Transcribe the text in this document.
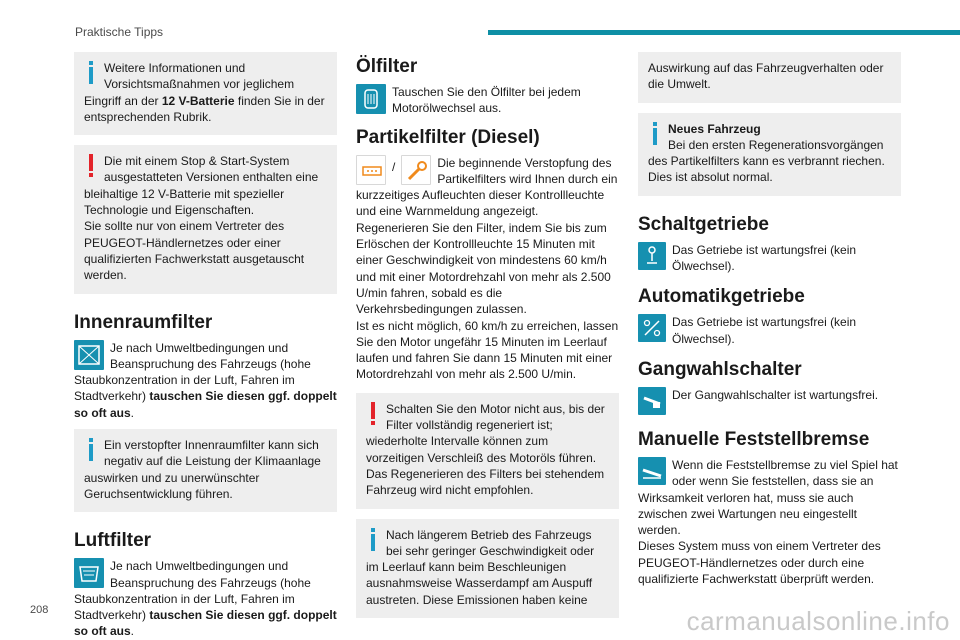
Praktische Tipps

Weitere Informationen und Vorsichtsmaßnahmen vor jeglichem Eingriff an der 12 V-Batterie finden Sie in der entsprechenden Rubrik.

Die mit einem Stop & Start-System ausgestatteten Versionen enthalten eine bleihaltige 12 V-Batterie mit spezieller Technologie und Eigenschaften.

Sie sollte nur von einem Vertreter des PEUGEOT-Händlernetzes oder einer qualifizierten Fachwerkstatt ausgetauscht werden.

Innenraumfilter
Je nach Umweltbedingungen und Beanspruchung des Fahrzeugs (hohe Staubkonzentration in der Luft, Fahren im Stadtverkehr) tauschen Sie diesen ggf. doppelt so oft aus.

Ein verstopfter Innenraumfilter kann sich negativ auf die Leistung der Klimaanlage auswirken und zu unerwünschter Geruchsentwicklung führen.

Luftfilter
Je nach Umweltbedingungen und Beanspruchung des Fahrzeugs (hohe Staubkonzentration in der Luft, Fahren im Stadtverkehr) tauschen Sie diesen ggf. doppelt so oft aus.
Ölfilter
Tauschen Sie den Ölfilter bei jedem Motorölwechsel aus.
Partikelfilter (Diesel)
/	Die beginnende Verstopfung des Partikelfilters wird Ihnen durch ein kurzzeitiges Aufleuchten dieser Kontrollleuchte und eine Warnmeldung angezeigt.
Regenerieren Sie den Filter, indem Sie bis zum Erlöschen der Kontrollleuchte 15 Minuten mit einer Geschwindigkeit von mindestens 60 km/h und mit einer Motordrehzahl von mehr als 2.500 U/min fahren, sobald es die Verkehrsbedingungen zulassen.
Ist es nicht möglich, 60 km/h zu erreichen, lassen Sie den Motor ungefähr 15 Minuten im Leerlauf laufen und fahren Sie dann 15 Minuten mit einer Motordrehzahl von mehr als 2.500 U/min.

Schalten Sie den Motor nicht aus, bis der Filter vollständig regeneriert ist; wiederholte Intervalle können zum vorzeitigen Verschleiß des Motoröls führen.

Das Regenerieren des Filters bei stehendem Fahrzeug wird nicht empfohlen.

Nach längerem Betrieb des Fahrzeugs bei sehr geringer Geschwindigkeit oder im Leerlauf kann beim Beschleunigen ausnahmsweise Wasserdampf am Auspuff austreten. Diese Emissionen haben keine

Auswirkung auf das Fahrzeugverhalten oder die Umwelt.

Neues Fahrzeug

Bei den ersten Regenerationsvorgängen des Partikelfilters kann es verbrannt riechen. Dies ist absolut normal.

Schaltgetriebe
Das Getriebe ist wartungsfrei (kein Ölwechsel).
Automatikgetriebe
Das Getriebe ist wartungsfrei (kein Ölwechsel).
Gangwahlschalter
Der Gangwahlschalter ist wartungsfrei.
Manuelle Feststellbremse
Wenn die Feststellbremse zu viel Spiel hat oder wenn Sie feststellen, dass sie an Wirksamkeit verloren hat, muss sie auch zwischen zwei Wartungen neu eingestellt werden.
Dieses System muss von einem Vertreter des PEUGEOT-Händlernetzes oder durch eine qualifizierte Fachwerkstatt überprüft werden.
208	carmanualsonline.info
